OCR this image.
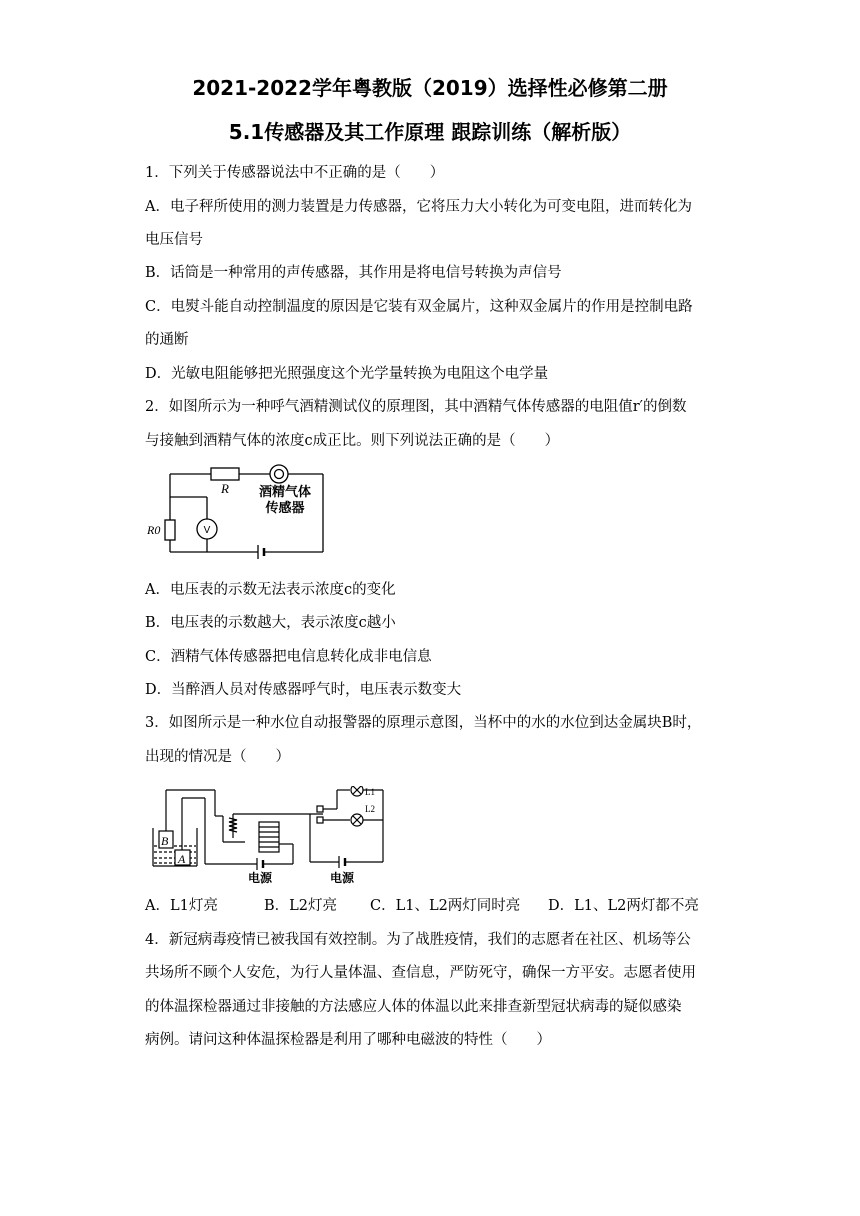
2021-2022学年粤教版（2019）选择性必修第二册
5.1传感器及其工作原理 跟踪训练（解析版）
1．下列关于传感器说法中不正确的是（　　）
A．电子秤所使用的测力装置是力传感器，它将压力大小转化为可变电阻，进而转化为
电压信号
B．话筒是一种常用的声传感器，其作用是将电信号转换为声信号
C．电熨斗能自动控制温度的原因是它装有双金属片，这种双金属片的作用是控制电路
的通断
D．光敏电阻能够把光照强度这个光学量转换为电阻这个电学量
2．如图所示为一种呼气酒精测试仪的原理图，其中酒精气体传感器的电阻值r′的倒数
与接触到酒精气体的浓度c成正比。则下列说法正确的是（　　）
R
R0	V
酒精气体
传感器
A．电压表的示数无法表示浓度c的变化
B．电压表的示数越大，表示浓度c越小
C．酒精气体传感器把电信息转化成非电信息
D．当醉酒人员对传感器呼气时，电压表示数变大
3．如图所示是一种水位自动报警器的原理示意图，当杯中的水的水位到达金属块B时，
出现的情况是（　　）
B
A
L1
L2
电源	电源
A．L1灯亮	B．L2灯亮 C．L1、L2两灯同时亮 D．L1、L2两灯都不亮
4．新冠病毒疫情已被我国有效控制。为了战胜疫情，我们的志愿者在社区、机场等公
共场所不顾个人安危，为行人量体温、查信息，严防死守，确保一方平安。志愿者使用
的体温探检器通过非接触的方法感应人体的体温以此来排查新型冠状病毒的疑似感染
病例。请问这种体温探检器是利用了哪种电磁波的特性（　　）
